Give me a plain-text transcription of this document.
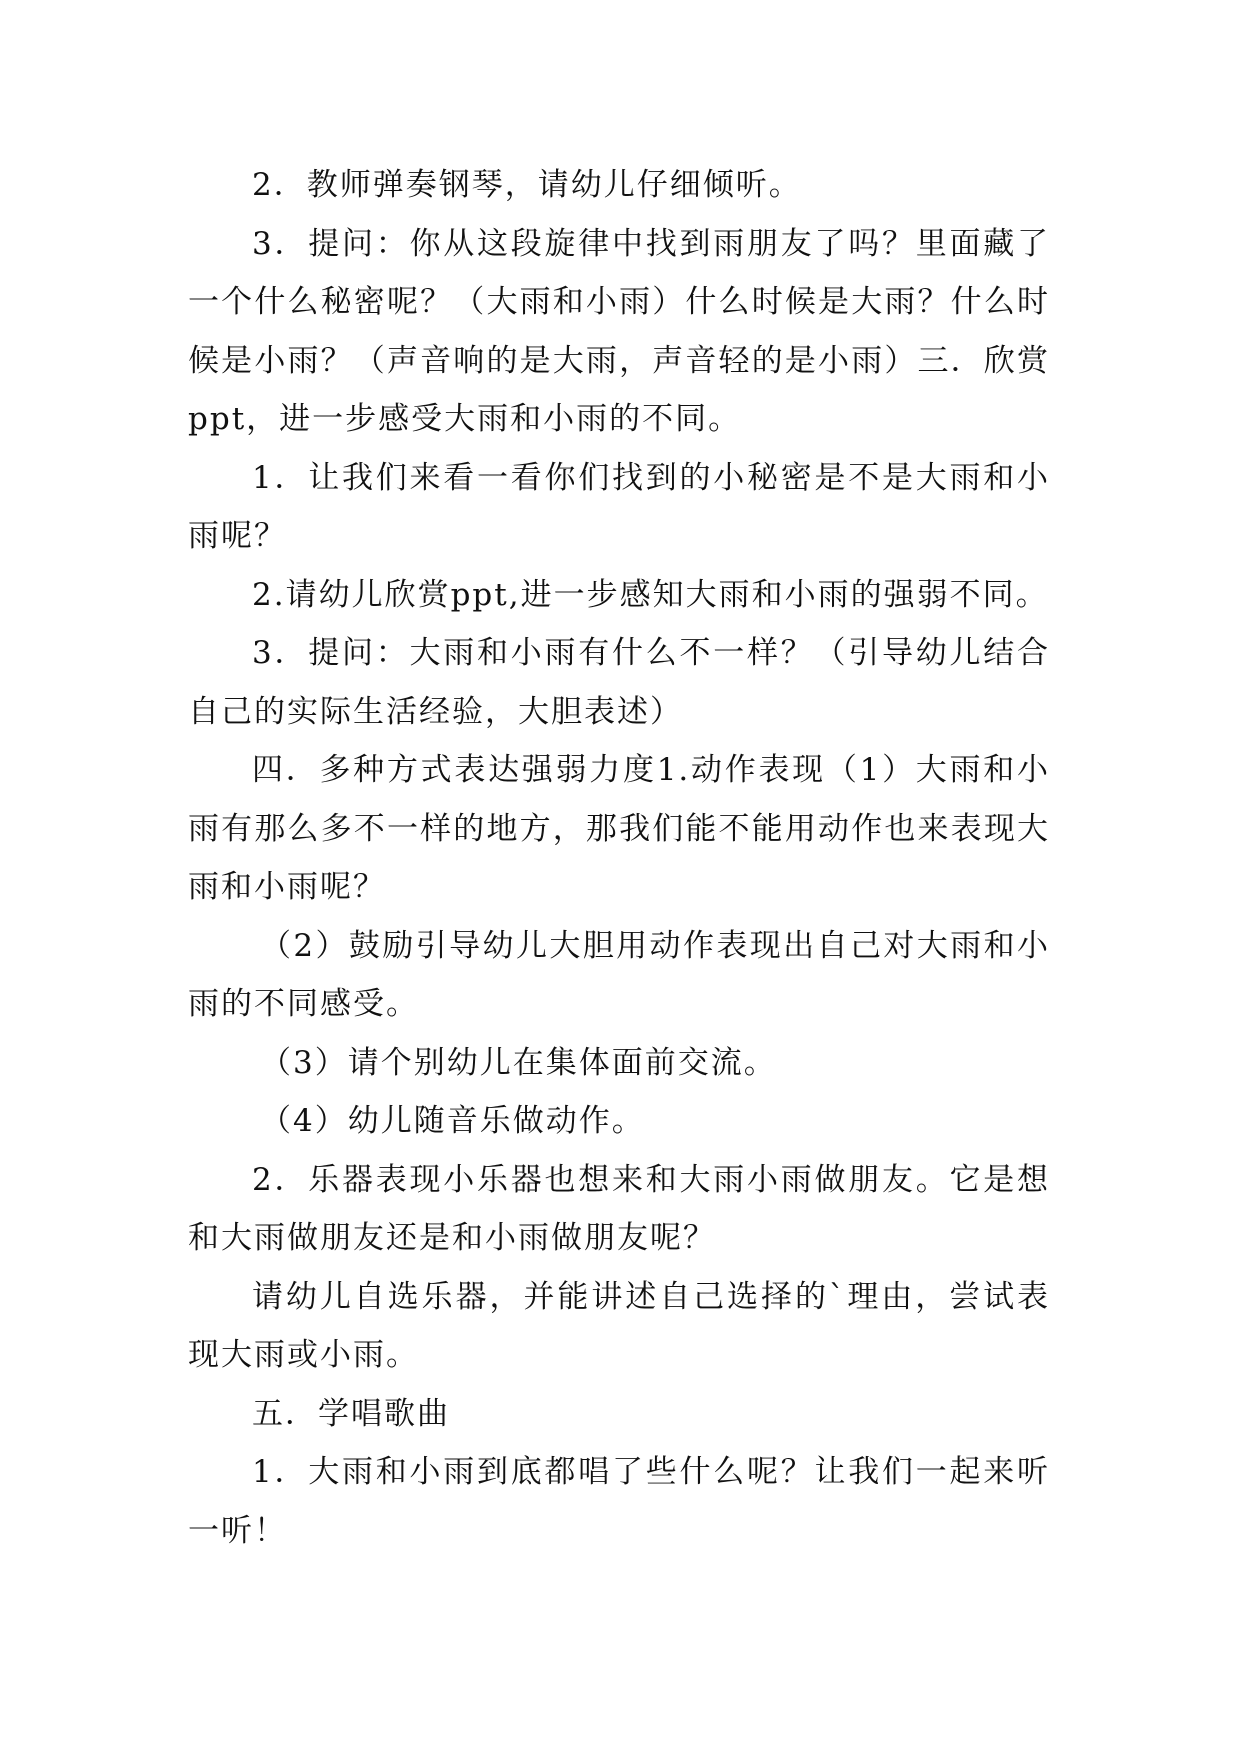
2．教师弹奏钢琴，请幼儿仔细倾听。

3．提问：你从这段旋律中找到雨朋友了吗？里面藏了一个什么秘密呢？（大雨和小雨）什么时候是大雨？什么时候是小雨？（声音响的是大雨，声音轻的是小雨）三．欣赏ppt，进一步感受大雨和小雨的不同。

1．让我们来看一看你们找到的小秘密是不是大雨和小雨呢？

2.请幼儿欣赏ppt,进一步感知大雨和小雨的强弱不同。

3．提问：大雨和小雨有什么不一样？（引导幼儿结合自己的实际生活经验，大胆表述）

四．多种方式表达强弱力度1.动作表现（1）大雨和小雨有那么多不一样的地方，那我们能不能用动作也来表现大雨和小雨呢？

（2）鼓励引导幼儿大胆用动作表现出自己对大雨和小雨的不同感受。

（3）请个别幼儿在集体面前交流。

（4）幼儿随音乐做动作。

2．乐器表现小乐器也想来和大雨小雨做朋友。它是想和大雨做朋友还是和小雨做朋友呢？

请幼儿自选乐器，并能讲述自己选择的`理由，尝试表现大雨或小雨。

五．学唱歌曲

1．大雨和小雨到底都唱了些什么呢？让我们一起来听一听！
